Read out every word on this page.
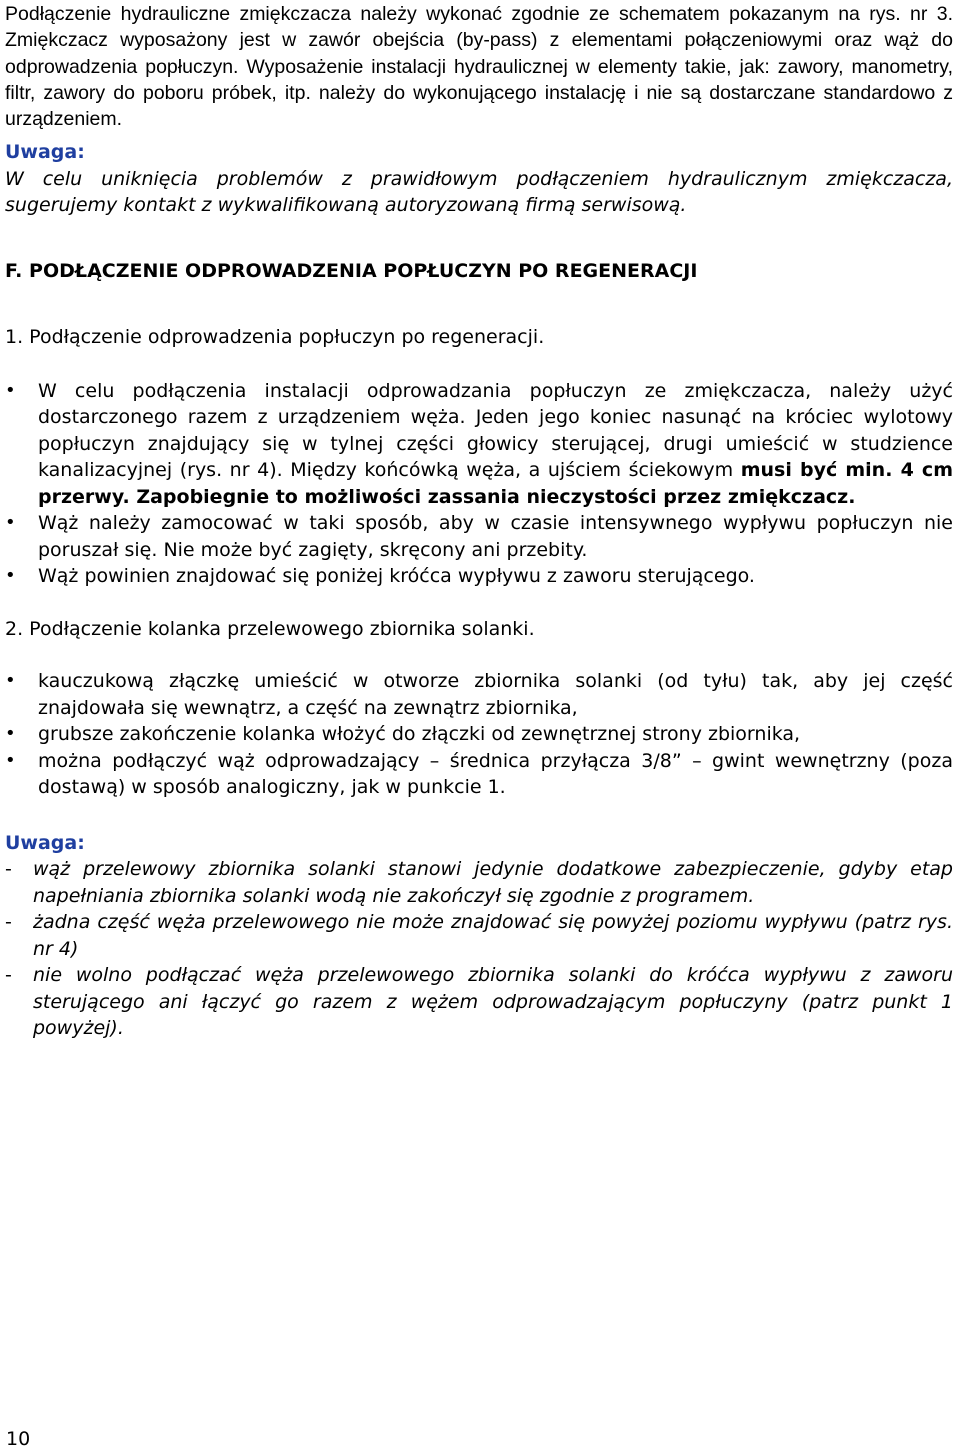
Podłączenie hydrauliczne zmiękczacza należy wykonać zgodnie ze schematem pokazanym na rys. nr 3. Zmiękczacz wyposażony jest w zawór obejścia (by-pass) z elementami połączeniowymi oraz wąż do odprowadzenia popłuczyn. Wyposażenie instalacji hydraulicznej w elementy takie, jak: zawory, manometry, filtr, zawory do poboru próbek, itp. należy do wykonującego instalację i nie są dostarczane standardowo z urządzeniem.

Uwaga:

W celu uniknięcia problemów z prawidłowym podłączeniem hydraulicznym zmiękczacza, sugerujemy kontakt z wykwalifikowaną autoryzowaną firmą serwisową.

F. PODŁĄCZENIE ODPROWADZENIA POPŁUCZYN PO REGENERACJI

1. Podłączenie odprowadzenia popłuczyn po regeneracji.

• W celu podłączenia instalacji odprowadzania popłuczyn ze zmiękczacza, należy użyć dostarczonego razem z urządzeniem węża. Jeden jego koniec nasunąć na króciec wylotowy popłuczyn znajdujący się w tylnej części głowicy sterującej, drugi umieścić w studzience kanalizacyjnej (rys. nr 4). Między końcówką węża, a ujściem ściekowym musi być min. 4 cm przerwy. Zapobiegnie to możliwości zassania nieczystości przez zmiękczacz.
• Wąż należy zamocować w taki sposób, aby w czasie intensywnego wypływu popłuczyn nie poruszał się. Nie może być zagięty, skręcony ani przebity.
• Wąż powinien znajdować się poniżej króćca wypływu z zaworu sterującego.

2. Podłączenie kolanka przelewowego zbiornika solanki.

• kauczukową złączkę umieścić w otworze zbiornika solanki (od tyłu) tak, aby jej część znajdowała się wewnątrz, a część na zewnątrz zbiornika,
• grubsze zakończenie kolanka włożyć do złączki od zewnętrznej strony zbiornika,
• można podłączyć wąż odprowadzający – średnica przyłącza 3/8” – gwint wewnętrzny (poza dostawą) w sposób analogiczny, jak w punkcie 1.
Uwaga:
- wąż przelewowy zbiornika solanki stanowi jedynie dodatkowe zabezpieczenie, gdyby etap napełniania zbiornika solanki wodą nie zakończył się zgodnie z programem.
- żadna część węża przelewowego nie może znajdować się powyżej poziomu wypływu (patrz rys. nr 4)
- nie wolno podłączać węża przelewowego zbiornika solanki do króćca wypływu z zaworu sterującego ani łączyć go razem z wężem odprowadzającym popłuczyny (patrz punkt 1 powyżej).
10
